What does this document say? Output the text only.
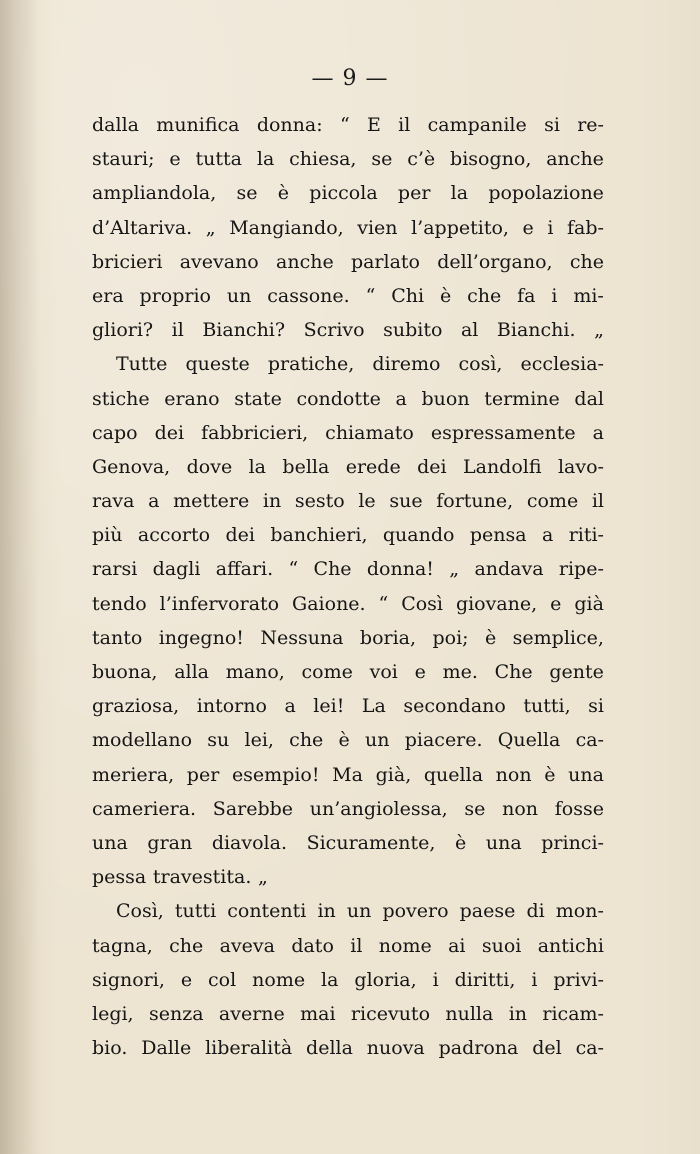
— 9 —
dalla munifica donna: “ E il campanile si re-
stauri; e tutta la chiesa, se c’è bisogno, anche
ampliandola, se è piccola per la popolazione
d’Altariva. „ Mangiando, vien l’appetito, e i fab-
bricieri avevano anche parlato dell’organo, che
era proprio un cassone. “ Chi è che fa i mi-
gliori? il Bianchi? Scrivo subito al Bianchi. „
Tutte queste pratiche, diremo così, ecclesia-
stiche erano state condotte a buon termine dal
capo dei fabbricieri, chiamato espressamente a
Genova, dove la bella erede dei Landolfi lavo-
rava a mettere in sesto le sue fortune, come il
più accorto dei banchieri, quando pensa a riti-
rarsi dagli affari. “ Che donna! „ andava ripe-
tendo l’infervorato Gaione. “ Così giovane, e già
tanto ingegno! Nessuna boria, poi; è semplice,
buona, alla mano, come voi e me. Che gente
graziosa, intorno a lei! La secondano tutti, si
modellano su lei, che è un piacere. Quella ca-
meriera, per esempio! Ma già, quella non è una
cameriera. Sarebbe un’angiolessa, se non fosse
una gran diavola. Sicuramente, è una princi-
pessa travestita. „
Così, tutti contenti in un povero paese di mon-
tagna, che aveva dato il nome ai suoi antichi
signori, e col nome la gloria, i diritti, i privi-
legi, senza averne mai ricevuto nulla in ricam-
bio. Dalle liberalità della nuova padrona del ca-
